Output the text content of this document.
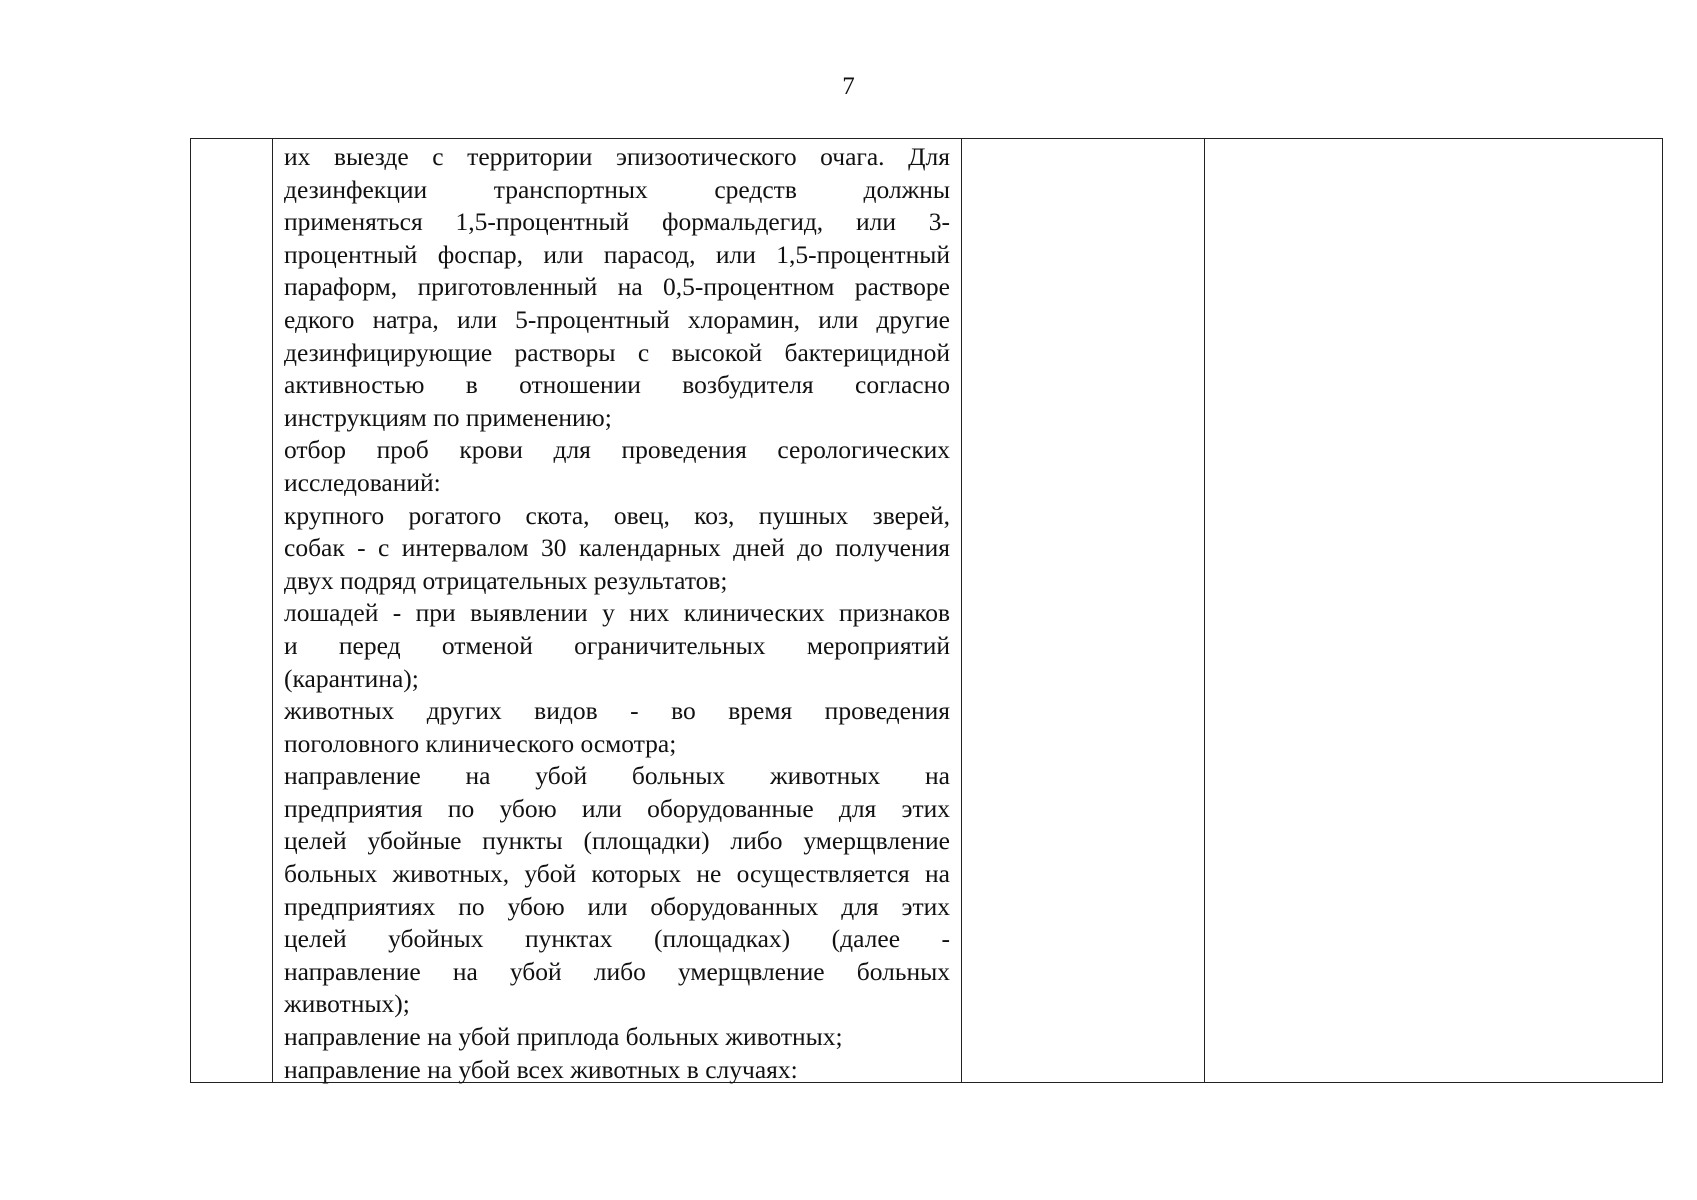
7
их выезде с территории эпизоотического очага. Для
дезинфекции транспортных средств должны
применяться 1,5-процентный формальдегид, или 3-
процентный фоспар, или парасод, или 1,5-процентный
параформ, приготовленный на 0,5-процентном растворе
едкого натра, или 5-процентный хлорамин, или другие
дезинфицирующие растворы с высокой бактерицидной
активностью в отношении возбудителя согласно
инструкциям по применению;
отбор проб крови для проведения серологических
исследований:
крупного рогатого скота, овец, коз, пушных зверей,
собак - с интервалом 30 календарных дней до получения
двух подряд отрицательных результатов;
лошадей - при выявлении у них клинических признаков
и перед отменой ограничительных мероприятий
(карантина);
животных других видов - во время проведения
поголовного клинического осмотра;
направление на убой больных животных на
предприятия по убою или оборудованные для этих
целей убойные пункты (площадки) либо умерщвление
больных животных, убой которых не осуществляется на
предприятиях по убою или оборудованных для этих
целей убойных пунктах (площадках) (далее -
направление на убой либо умерщвление больных
животных);
направление на убой приплода больных животных;
направление на убой всех животных в случаях:
